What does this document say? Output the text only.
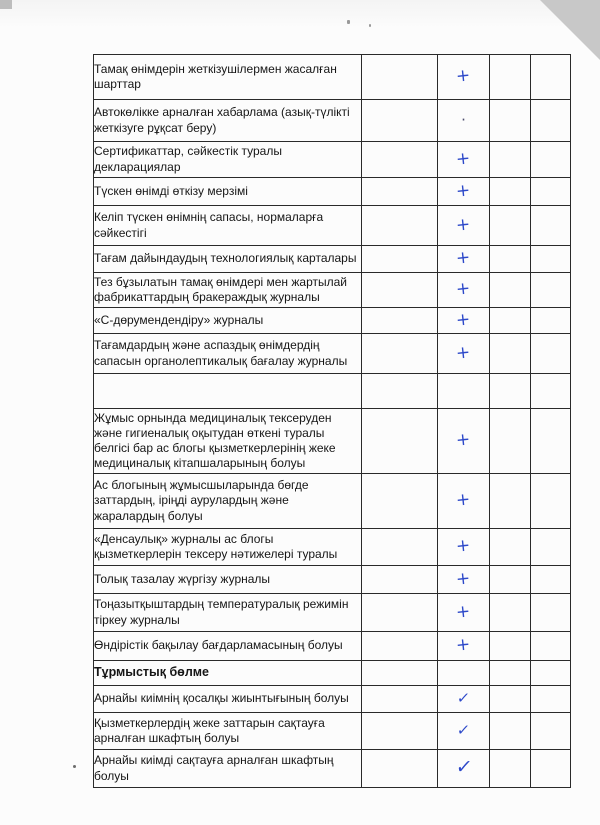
Тамақ өнімдерін жеткізушілермен жасалған шарттар		+		
Автокөлікке арналған хабарлама (азық-түлікті жеткізуге рұқсат беру)		·		
Сертификаттар, сәйкестік туралы декларациялар		+		
Түскен өнімді өткізу мерзімі		+		
Келіп түскен өнімнің сапасы, нормаларға сәйкестігі		+		
Тағам дайындаудың технологиялық карталары		+		
Тез бұзылатын тамақ өнімдері мен жартылай фабрикаттардың бракераждық журналы		+		
«С-дөрумендендіру» журналы		+		
Тағамдардың және аспаздық өнімдердің сапасын органолептикалық бағалау журналы		+		

Жұмыс орнында медициналық тексеруден және гигиеналық оқытудан өткені туралы белгісі бар ас блогы қызметкерлерінің жеке медициналық кітапшаларының болуы		+		
Ас блогының жұмысшыларында бөгде заттардың, іріңді аурулардың және жаралардың болуы		+		
«Денсаулық» журналы ас блогы қызметкерлерін тексеру нәтижелері туралы		+		
Толық тазалау жүргізу журналы		+		
Тоңазытқыштардың температуралық режимін тіркеу журналы		+		
Өндірістік бақылау бағдарламасының болуы		+		
Тұрмыстық бөлме				
Арнайы киімнің қосалқы жиынтығының болуы		✓		
Қызметкерлердің жеке заттарын сақтауға арналған шкафтың болуы		✓		
Арнайы киімді сақтауға арналған шкафтың болуы		✓		
